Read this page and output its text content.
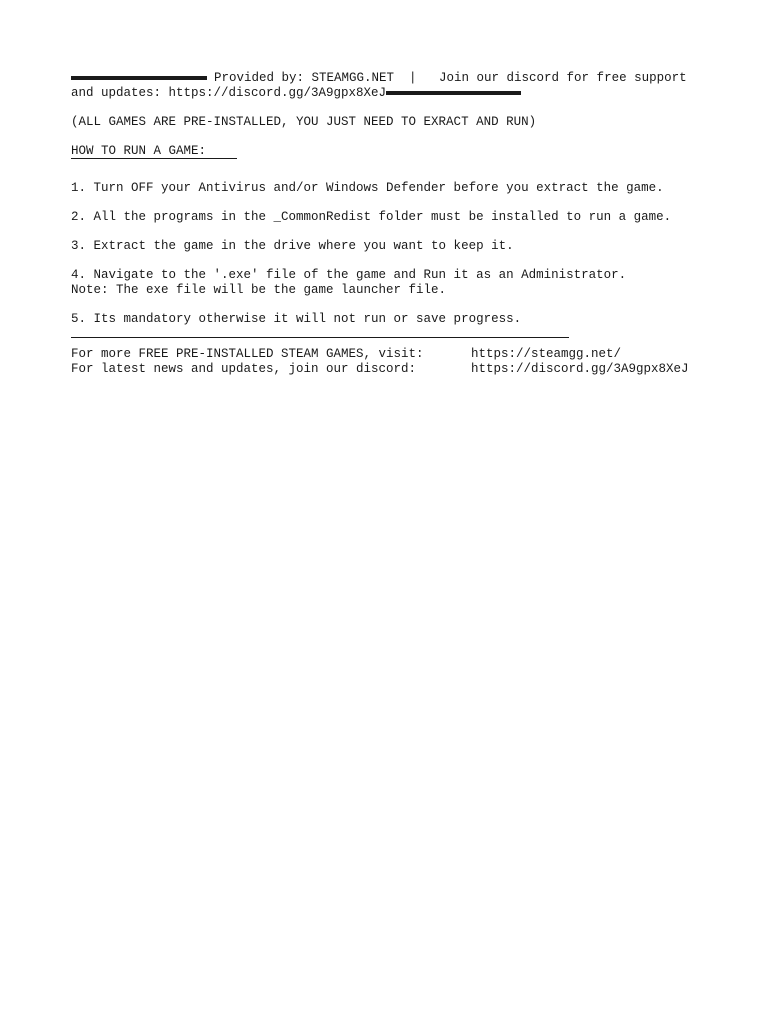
Provided by: STEAMGG.NET  |   Join our discord for free support
and updates: https://discord.gg/3A9gpx8XeJ
(ALL GAMES ARE PRE-INSTALLED, YOU JUST NEED TO EXRACT AND RUN)
HOW TO RUN A GAME:
1. Turn OFF your Antivirus and/or Windows Defender before you extract the game.
2. All the programs in the _CommonRedist folder must be installed to run a game.
3. Extract the game in the drive where you want to keep it.
4. Navigate to the '.exe' file of the game and Run it as an Administrator.
Note: The exe file will be the game launcher file.
5. Its mandatory otherwise it will not run or save progress.
For more FREE PRE-INSTALLED STEAM GAMES, visit:	https://steamgg.net/
For latest news and updates, join our discord:	https://discord.gg/3A9gpx8XeJ
